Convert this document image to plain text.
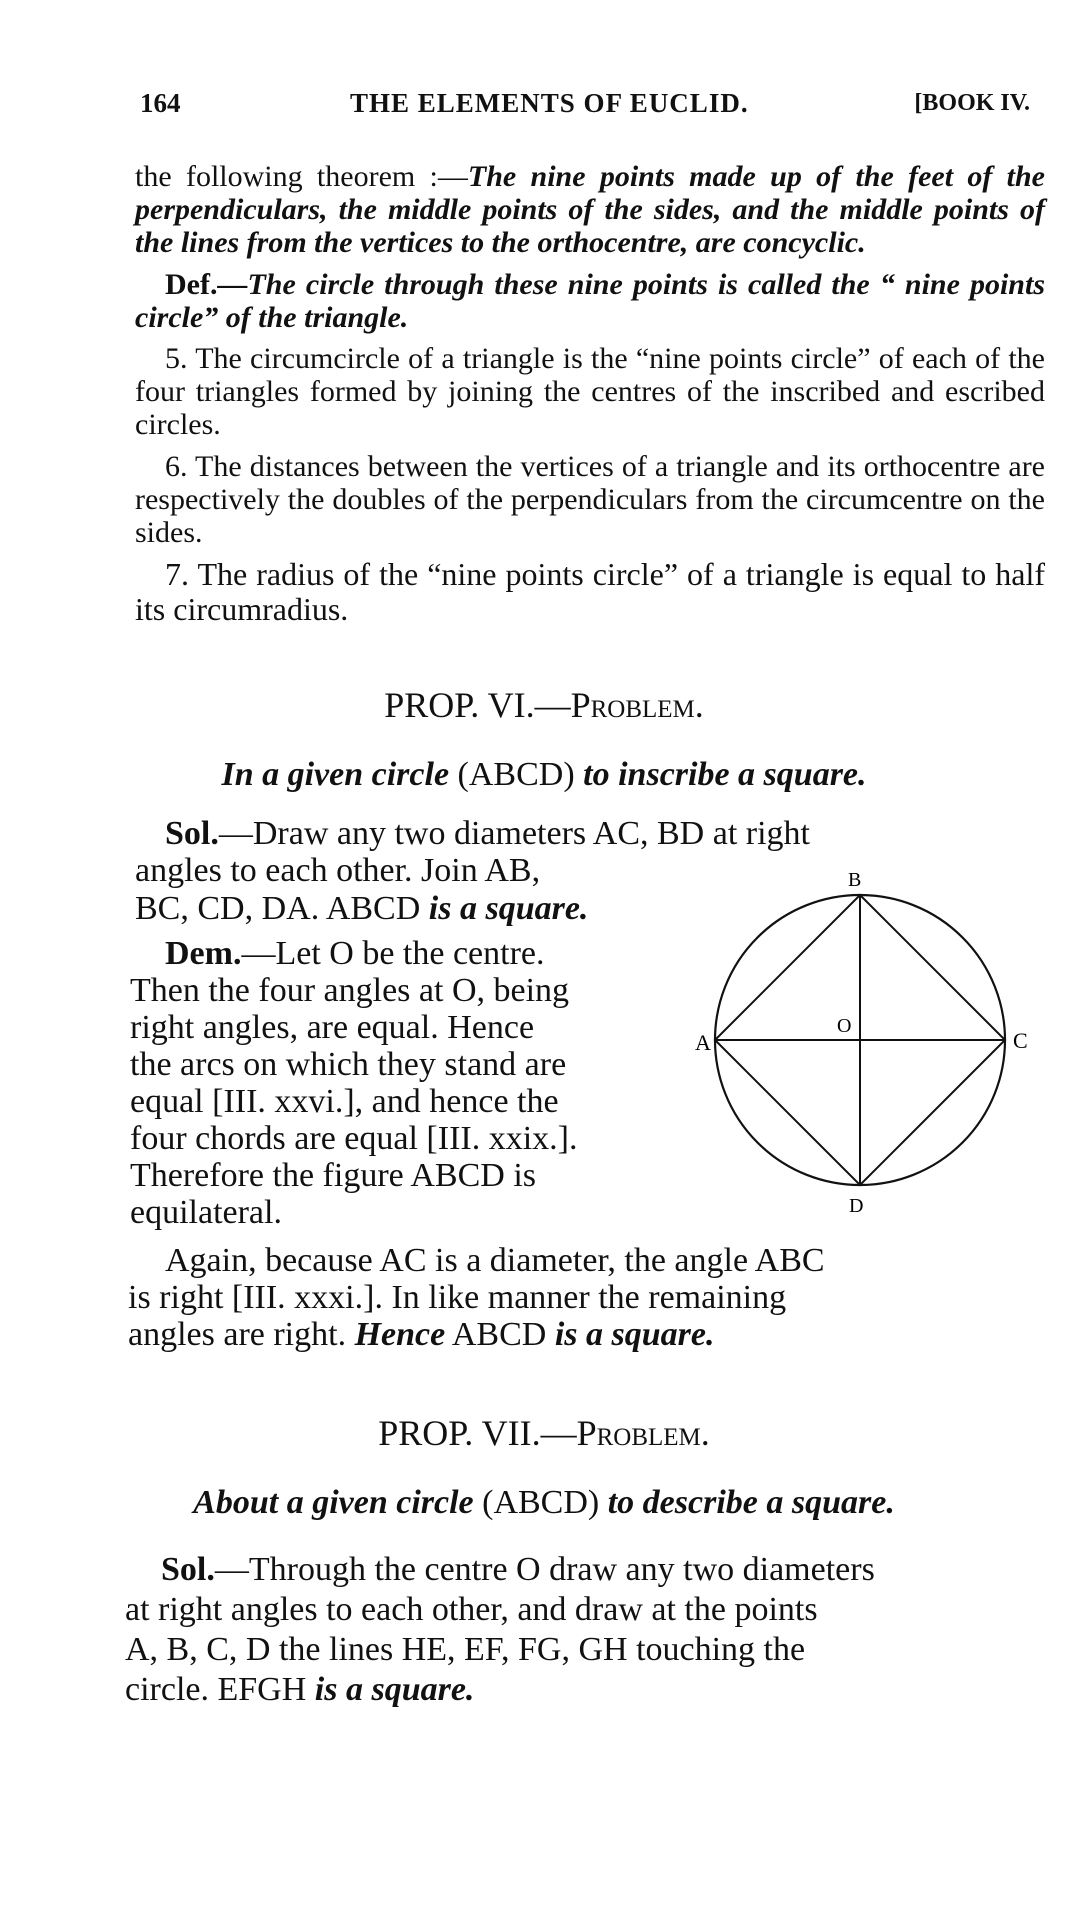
164	THE ELEMENTS OF EUCLID.	[BOOK IV.
the following theorem :—The nine points made up of the feet of the perpendiculars, the middle points of the sides, and the middle points of the lines from the vertices to the orthocentre, are concyclic.
Def.—The circle through these nine points is called the “ nine points circle” of the triangle.
5. The circumcircle of a triangle is the “nine points circle” of each of the four triangles formed by joining the centres of the inscribed and escribed circles.
6. The distances between the vertices of a triangle and its orthocentre are respectively the doubles of the perpendiculars from the circumcentre on the sides.
7. The radius of the “nine points circle” of a triangle is equal to half its circumradius.
PROP. VI.—Problem.
In a given circle (ABCD) to inscribe a square.
Sol.—Draw any two diameters AC, BD at right
angles to each other. Join AB,
BC, CD, DA. ABCD is a square.
Dem.—Let O be the centre.
Then the four angles at O, being
right angles, are equal. Hence
the arcs on which they stand are
equal [III. xxvi.], and hence the
four chords are equal [III. xxix.].
Therefore the figure ABCD is
equilateral.
B
A	C
D
O
Again, because AC is a diameter, the angle ABC
is right [III. xxxi.]. In like manner the remaining
angles are right. Hence ABCD is a square.
PROP. VII.—Problem.
About a given circle (ABCD) to describe a square.
Sol.—Through the centre O draw any two diameters
at right angles to each other, and draw at the points
A, B, C, D the lines HE, EF, FG, GH touching the
circle. EFGH is a square.
